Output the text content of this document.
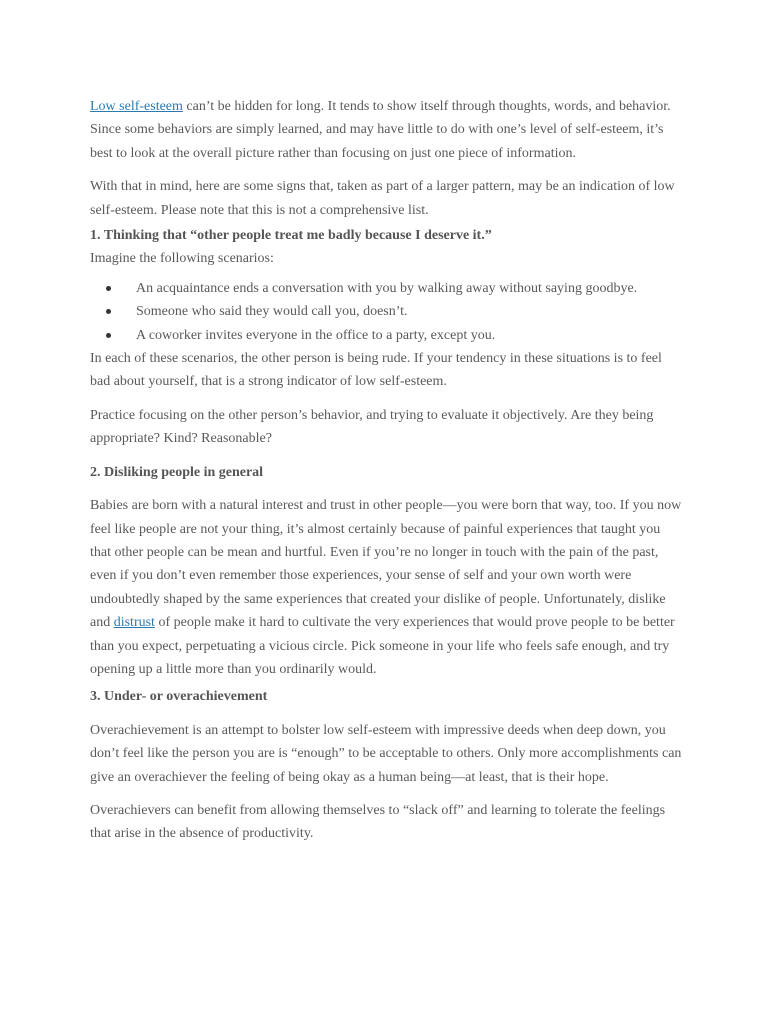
Low self-esteem can’t be hidden for long. It tends to show itself through thoughts, words, and behavior.

Since some behaviors are simply learned, and may have little to do with one’s level of self-esteem, it’s best to look at the overall picture rather than focusing on just one piece of information.

With that in mind, here are some signs that, taken as part of a larger pattern, may be an indication of low self-esteem. Please note that this is not a comprehensive list.

1. Thinking that “other people treat me badly because I deserve it.”

Imagine the following scenarios:

An acquaintance ends a conversation with you by walking away without saying goodbye.
Someone who said they would call you, doesn’t.
A coworker invites everyone in the office to a party, except you.

In each of these scenarios, the other person is being rude. If your tendency in these situations is to feel bad about yourself, that is a strong indicator of low self-esteem.

Practice focusing on the other person’s behavior, and trying to evaluate it objectively. Are they being appropriate? Kind? Reasonable?

2. Disliking people in general

Babies are born with a natural interest and trust in other people—you were born that way, too. If you now feel like people are not your thing, it’s almost certainly because of painful experiences that taught you that other people can be mean and hurtful. Even if you’re no longer in touch with the pain of the past, even if you don’t even remember those experiences, your sense of self and your own worth were undoubtedly shaped by the same experiences that created your dislike of people. Unfortunately, dislike and distrust of people make it hard to cultivate the very experiences that would prove people to be better than you expect, perpetuating a vicious circle. Pick someone in your life who feels safe enough, and try opening up a little more than you ordinarily would.

3. Under- or overachievement

Overachievement is an attempt to bolster low self-esteem with impressive deeds when deep down, you don’t feel like the person you are is “enough” to be acceptable to others. Only more accomplishments can give an overachiever the feeling of being okay as a human being—at least, that is their hope.

Overachievers can benefit from allowing themselves to “slack off” and learning to tolerate the feelings that arise in the absence of productivity.
